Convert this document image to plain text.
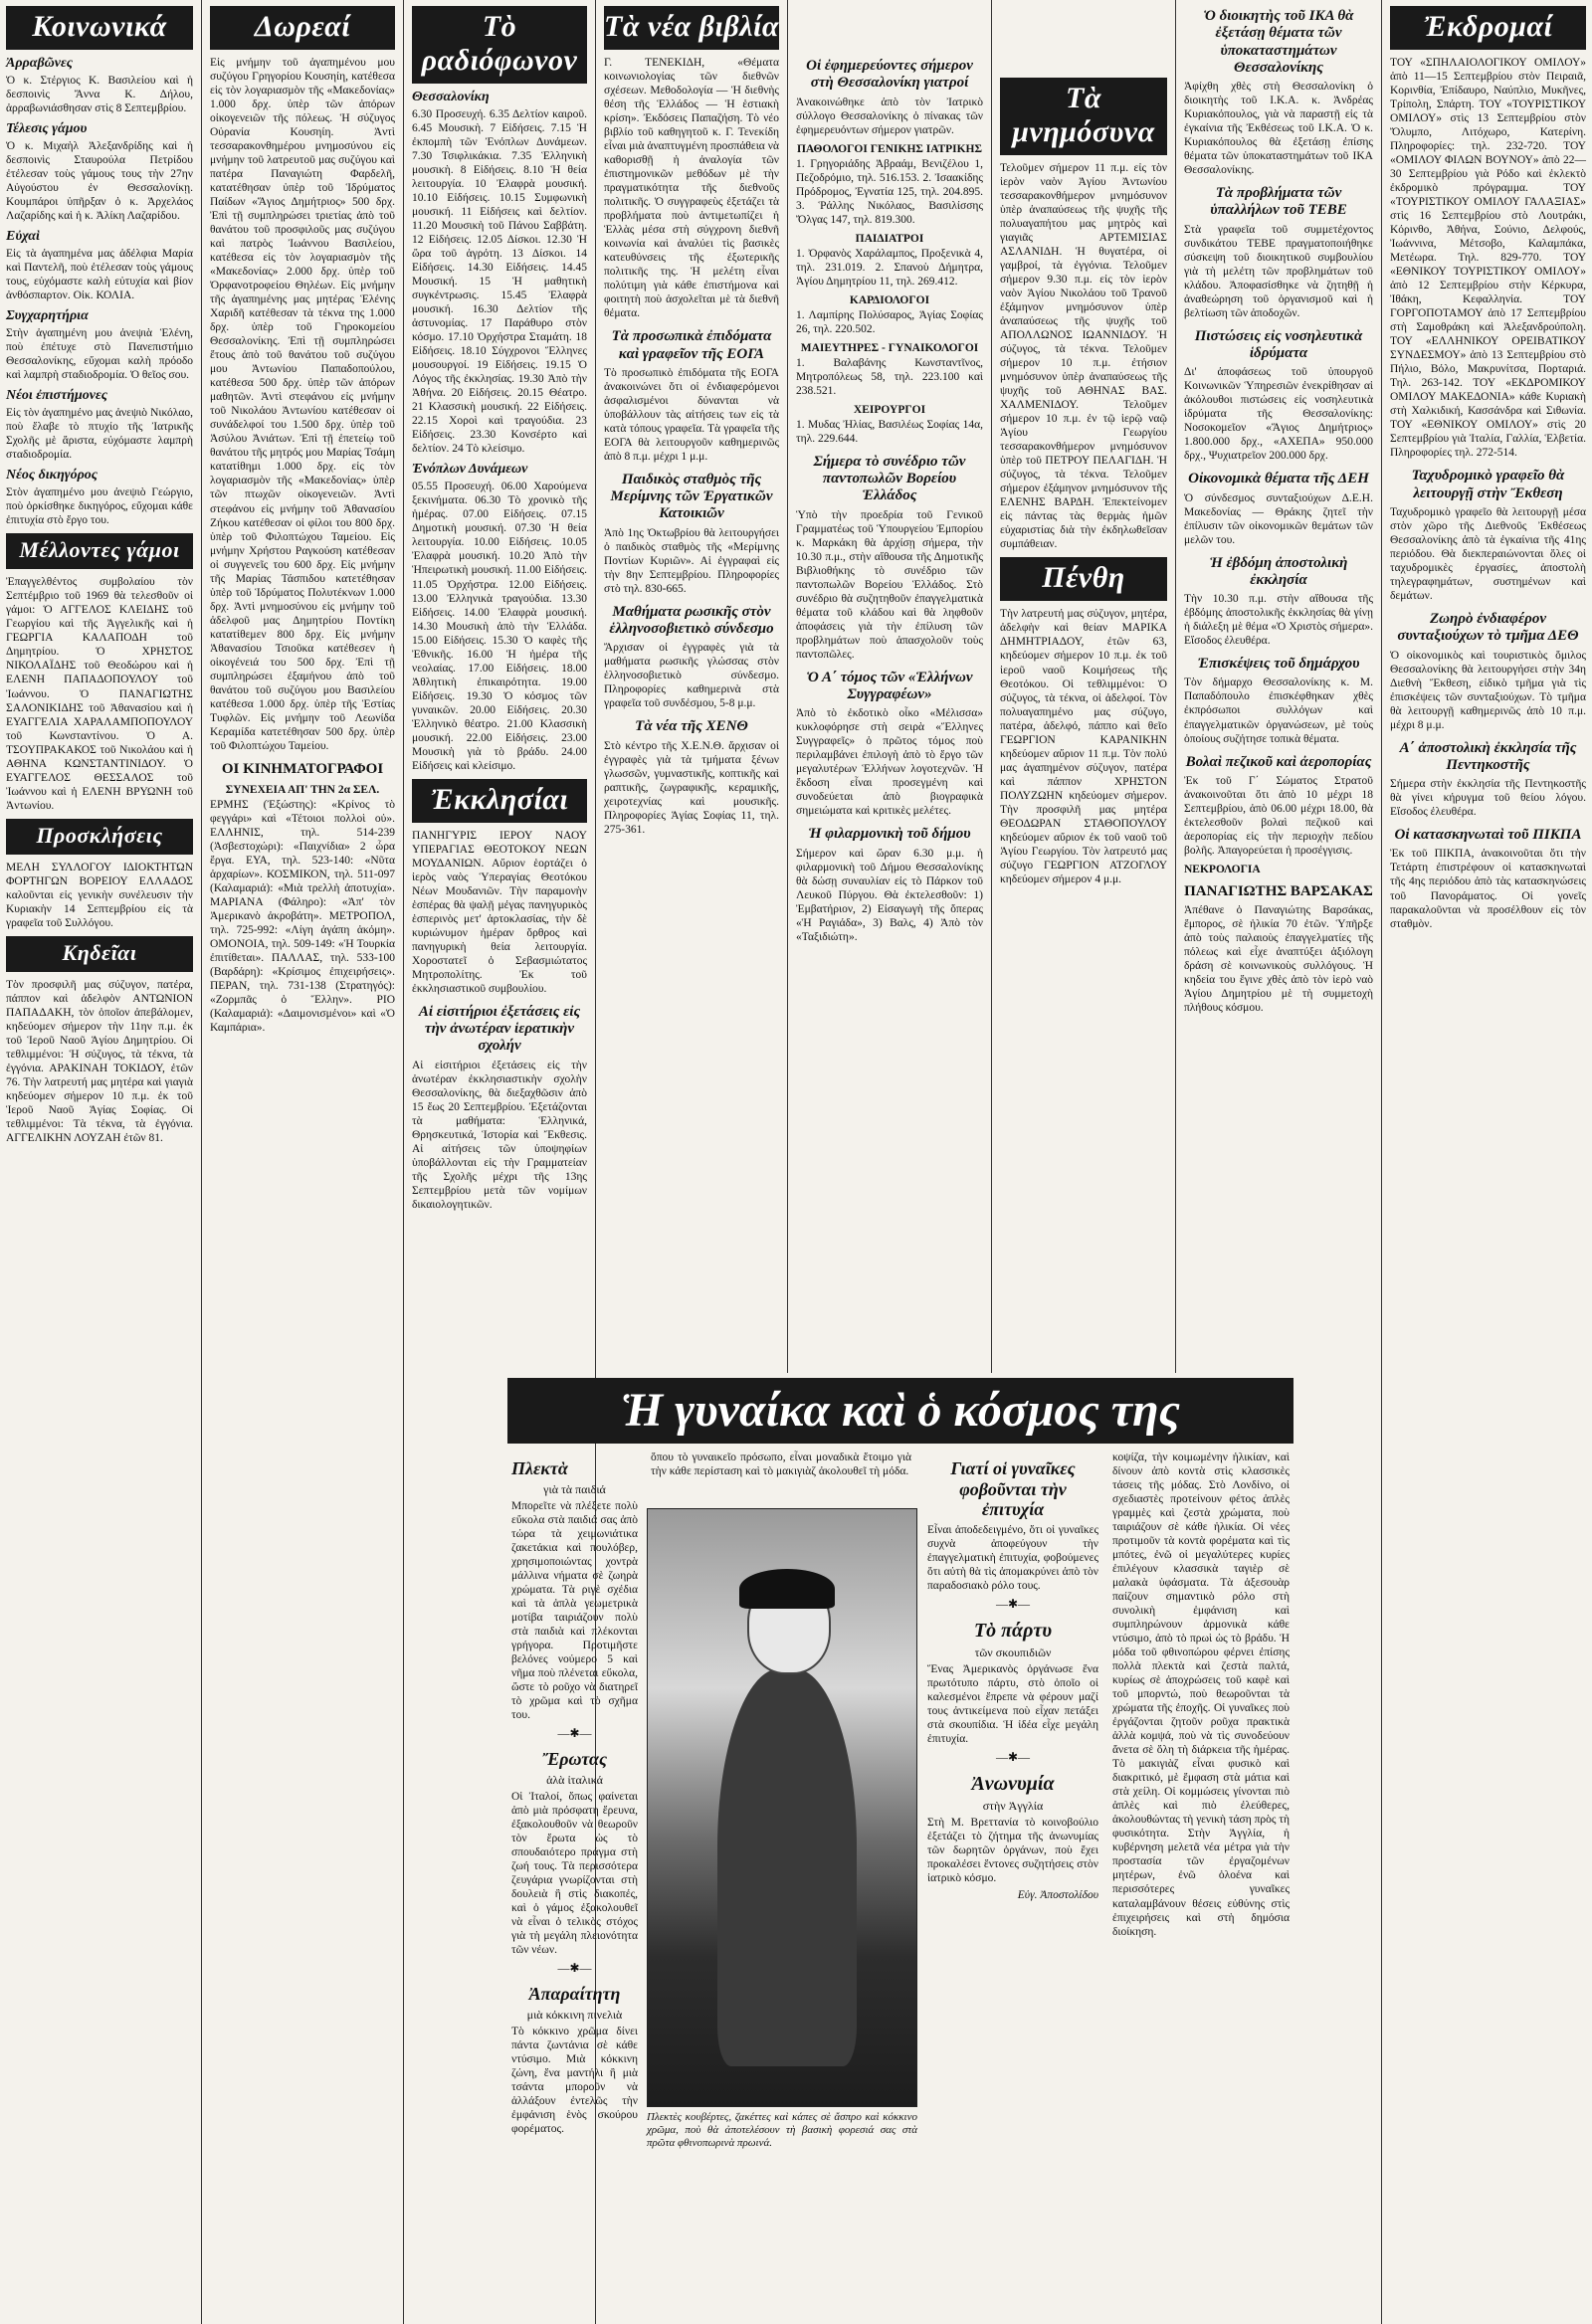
Κοινωνικά
Ἀρραβῶνες

Ὁ κ. Στέργιος Κ. Βασιλείου καὶ ἡ δεσποινὶς Ἄννα Κ. Δήλου, ἀρραβωνιάσθησαν στὶς 8 Σεπτεμβρίου.

Τέλεσις γάμου

Ὁ κ. Μιχαὴλ Ἀλεξανδρίδης καὶ ἡ δεσποινὶς Σταυρούλα Πετρίδου ἐτέλεσαν τοὺς γάμους τους τὴν 27ην Αὐγούστου ἐν Θεσσαλονίκῃ. Κουμπάροι ὑπῆρξαν ὁ κ. Ἀρχελάος Λαζαρίδης καὶ ἡ κ. Ἀλίκη Λαζαρίδου.

Εὐχαὶ

Εἰς τὰ ἀγαπημένα μας ἀδέλφια Μαρία καὶ Παντελῆ, ποὺ ἐτέλεσαν τοὺς γάμους τους, εὐχόμαστε καλὴ εὐτυχία καὶ βίον ἀνθόσπαρτον. Οἰκ. ΚΟΛΙΑ.

Συγχαρητήρια

Στὴν ἀγαπημένη μου ἀνεψιὰ Ἑλένη, ποὺ ἐπέτυχε στὸ Πανεπιστήμιο Θεσσαλονίκης, εὔχομαι καλὴ πρόοδο καὶ λαμπρὴ σταδιοδρομία. Ὁ θεῖος σου.

Νέοι ἐπιστήμονες

Εἰς τὸν ἀγαπημένο μας ἀνεψιὸ Νικόλαο, ποὺ ἔλαβε τὸ πτυχίο τῆς Ἰατρικῆς Σχολῆς μὲ ἄριστα, εὐχόμαστε λαμπρὴ σταδιοδρομία.

Νέος δικηγόρος

Στὸν ἀγαπημένο μου ἀνεψιὸ Γεώργιο, ποὺ ὁρκίσθηκε δικηγόρος, εὔχομαι κάθε ἐπιτυχία στὸ ἔργο του.

Μέλλοντες γάμοι

Ἐπαγγελθέντος συμβολαίου τὸν Σεπτέμβριο τοῦ 1969 θὰ τελεσθοῦν οἱ γάμοι: Ὁ ΑΓΓΕΛΟΣ ΚΛΕΙΔΗΣ τοῦ Γεωργίου καὶ τῆς Ἀγγελικῆς καὶ ἡ ΓΕΩΡΓΙΑ ΚΑΛΑΠΟΔΗ τοῦ Δημητρίου. Ὁ ΧΡΗΣΤΟΣ ΝΙΚΟΛΑΪΔΗΣ τοῦ Θεοδώρου καὶ ἡ ΕΛΕΝΗ ΠΑΠΑΔΟΠΟΥΛΟΥ τοῦ Ἰωάννου. Ὁ ΠΑΝΑΓΙΩΤΗΣ ΣΑΛΟΝΙΚΙΔΗΣ τοῦ Ἀθανασίου καὶ ἡ ΕΥΑΓΓΕΛΙΑ ΧΑΡΑΛΑΜΠΟΠΟΥΛΟΥ τοῦ Κωνσταντίνου. Ὁ Α. ΤΣΟΥΠΡΑΚΑΚΟΣ τοῦ Νικολάου καὶ ἡ ΑΘΗΝΑ ΚΩΝΣΤΑΝΤΙΝΙΔΟΥ. Ὁ ΕΥΑΓΓΕΛΟΣ ΘΕΣΣΑΛΟΣ τοῦ Ἰωάννου καὶ ἡ ΕΛΕΝΗ ΒΡΥΩΝΗ τοῦ Ἀντωνίου.

Προσκλήσεις

ΜΕΛΗ ΣΥΛΛΟΓΟΥ ΙΔΙΟΚΤΗΤΩΝ ΦΟΡΤΗΓΩΝ ΒΟΡΕΙΟΥ ΕΛΛΑΔΟΣ καλοῦνται εἰς γενικὴν συνέλευσιν τὴν Κυριακὴν 14 Σεπτεμβρίου εἰς τὰ γραφεῖα τοῦ Συλλόγου.

Κηδεῖαι

Τὸν προσφιλῆ μας σύζυγον, πατέρα, πάππον καὶ ἀδελφὸν ΑΝΤΩΝΙΟΝ ΠΑΠΑΔΑΚΗ, τὸν ὁποῖον ἀπεβάλομεν, κηδεύομεν σήμερον τὴν 11ην π.μ. ἐκ τοῦ Ἱεροῦ Ναοῦ Ἁγίου Δημητρίου. Οἱ τεθλιμμένοι: Ἡ σύζυγος, τὰ τέκνα, τὰ ἐγγόνια. ΑΡΑΚΙΝΑΗ ΤΟΚΙΔΟΥ, ἐτῶν 76. Τὴν λατρευτή μας μητέρα καὶ γιαγιὰ κηδεύομεν σήμερον 10 π.μ. ἐκ τοῦ Ἱεροῦ Ναοῦ Ἁγίας Σοφίας. Οἱ τεθλιμμένοι: Τὰ τέκνα, τὰ ἐγγόνια. ΑΓΓΕΛΙΚΗΝ ΛΟΥΖΑΗ ἐτῶν 81.

Δωρεαί

Εἰς μνήμην τοῦ ἀγαπημένου μου συζύγου Γρηγορίου Κουσηίη, κατέθεσα εἰς τὸν λογαριασμὸν τῆς «Μακεδονίας» 1.000 δρχ. ὑπὲρ τῶν ἀπόρων οἰκογενειῶν τῆς πόλεως. Ἡ σύζυγος Οὐρανία Κουσηίη. Ἀντὶ τεσσαρακονθημέρου μνημοσύνου εἰς μνήμην τοῦ λατρευτοῦ μας συζύγου καὶ πατέρα Παναγιώτη Φαρδελῆ, κατατέθησαν ὑπὲρ τοῦ Ἱδρύματος Παίδων «Ἅγιος Δημήτριος» 500 δρχ. Ἐπὶ τῇ συμπληρώσει τριετίας ἀπὸ τοῦ θανάτου τοῦ προσφιλοῦς μας συζύγου καὶ πατρὸς Ἰωάννου Βασιλείου, κατέθεσα εἰς τὸν λογαριασμὸν τῆς «Μακεδονίας» 2.000 δρχ. ὑπὲρ τοῦ Ὀρφανοτροφείου Θηλέων. Εἰς μνήμην τῆς ἀγαπημένης μας μητέρας Ἑλένης Χαριδῆ κατέθεσαν τὰ τέκνα της 1.000 δρχ. ὑπὲρ τοῦ Γηροκομείου Θεσσαλονίκης. Ἐπὶ τῇ συμπληρώσει ἔτους ἀπὸ τοῦ θανάτου τοῦ συζύγου μου Ἀντωνίου Παπαδοπούλου, κατέθεσα 500 δρχ. ὑπὲρ τῶν ἀπόρων μαθητῶν. Ἀντὶ στεφάνου εἰς μνήμην τοῦ Νικολάου Ἀντωνίου κατέθεσαν οἱ συνάδελφοί του 1.500 δρχ. ὑπὲρ τοῦ Ἀσύλου Ἀνιάτων. Ἐπὶ τῇ ἐπετείῳ τοῦ θανάτου τῆς μητρός μου Μαρίας Τσάμη κατατίθημι 1.000 δρχ. εἰς τὸν λογαριασμὸν τῆς «Μακεδονίας» ὑπὲρ τῶν πτωχῶν οἰκογενειῶν. Ἀντὶ στεφάνου εἰς μνήμην τοῦ Ἀθανασίου Ζήκου κατέθεσαν οἱ φίλοι του 800 δρχ. ὑπὲρ τοῦ Φιλοπτώχου Ταμείου. Εἰς μνήμην Χρήστου Ραγκούση κατέθεσαν οἱ συγγενεῖς του 600 δρχ. Εἰς μνήμην τῆς Μαρίας Τάσπιδου κατετέθησαν ὑπὲρ τοῦ Ἱδρύματος Πολυτέκνων 1.000 δρχ. Ἀντὶ μνημοσύνου εἰς μνήμην τοῦ ἀδελφοῦ μας Δημητρίου Ποντίκη κατατίθεμεν 800 δρχ. Εἰς μνήμην Ἀθανασίου Τσιοῦκα κατέθεσεν ἡ οἰκογένειά του 500 δρχ. Ἐπὶ τῇ συμπληρώσει ἐξαμήνου ἀπὸ τοῦ θανάτου τοῦ συζύγου μου Βασιλείου κατέθεσα 1.000 δρχ. ὑπὲρ τῆς Ἑστίας Τυφλῶν. Εἰς μνήμην τοῦ Λεωνίδα Κεραμίδα κατετέθησαν 500 δρχ. ὑπὲρ τοῦ Φιλοπτώχου Ταμείου.

ΟΙ ΚΙΝΗΜΑΤΟΓΡΑΦΟΙ
ΣΥΝΕΧΕΙΑ ΑΠ' ΤΗΝ 2α ΣΕΛ.

ΕΡΜΗΣ (Ἐξώστης): «Κρίνος τὸ φεγγάρι» καὶ «Τέτοιοι πολλοὶ οὐ». ΕΛΛΗΝΙΣ, τηλ. 514-239 (Ἀσβεστοχώρι): «Παιχνίδια» 2 ὧρα ἔργα. ΕΥΑ, τηλ. 523-140: «Νῦτα ἀρχαρίων». ΚΟΣΜΙΚΟΝ, τηλ. 511-097 (Καλαμαριά): «Μιὰ τρελλὴ ἀποτυχία». ΜΑΡΙΑΝΑ (Φάληρο): «Ἀπ' τὸν Ἀμερικανὸ ἀκροβάτη». ΜΕΤΡΟΠΟΛ, τηλ. 725-992: «Λίγη ἀγάπη ἀκόμη». ΟΜΟΝΟΙΑ, τηλ. 509-149: «Ἡ Τουρκία ἐπιτίθεται». ΠΑΛΛΑΣ, τηλ. 533-100 (Βαρδάρη): «Κρίσιμος ἐπιχειρήσεις». ΠΕΡΑΝ, τηλ. 731-138 (Στρατηγός): «Ζορμπᾶς ὁ Ἕλλην». ΡΙΟ (Καλαμαριά): «Δαιμονισμένοι» καὶ «Ὁ Καμπάρια».

Τὸ ραδιόφωνον
Θεσσαλονίκη

6.30 Προσευχή. 6.35 Δελτίον καιροῦ. 6.45 Μουσικὴ. 7 Εἰδήσεις. 7.15 Ἡ ἐκπομπὴ τῶν Ἐνόπλων Δυνάμεων. 7.30 Τσιφλικάκια. 7.35 Ἑλληνικὴ μουσικὴ. 8 Εἰδήσεις. 8.10 Ἡ θεία λειτουργία. 10 Ἐλαφρὰ μουσική. 10.10 Εἰδήσεις. 10.15 Συμφωνικὴ μουσική. 11 Εἰδήσεις καὶ δελτίον. 11.20 Μουσικὴ τοῦ Πάνου Σαββάτη. 12 Εἰδήσεις. 12.05 Δίσκοι. 12.30 Ἡ ὥρα τοῦ ἀγρότη. 13 Δίσκοι. 14 Εἰδήσεις. 14.30 Εἰδήσεις. 14.45 Μουσική. 15 Ἡ μαθητικὴ συγκέντρωσις. 15.45 Ἐλαφρὰ μουσική. 16.30 Δελτίον τῆς ἀστυνομίας. 17 Παράθυρο στὸν κόσμο. 17.10 Ὀρχήστρα Σταμάτη. 18 Εἰδήσεις. 18.10 Σύγχρονοι Ἕλληνες μουσουργοί. 19 Εἰδήσεις. 19.15 Ὁ Λόγος τῆς ἐκκλησίας. 19.30 Ἀπὸ τὴν Ἀθήνα. 20 Εἰδήσεις. 20.15 Θέατρο. 21 Κλασσικὴ μουσική. 22 Εἰδήσεις. 22.15 Χοροὶ καὶ τραγούδια. 23 Εἰδήσεις. 23.30 Κονσέρτο καὶ δελτίον. 24 Τὸ κλείσιμο.

Ἐνόπλων Δυνάμεων

05.55 Προσευχή. 06.00 Χαρούμενα ξεκινήματα. 06.30 Τὸ χρονικὸ τῆς ἡμέρας. 07.00 Εἰδήσεις. 07.15 Δημοτικὴ μουσική. 07.30 Ἡ θεία λειτουργία. 10.00 Εἰδήσεις. 10.05 Ἐλαφρὰ μουσική. 10.20 Ἀπὸ τὴν Ἡπειρωτικὴ μουσική. 11.00 Εἰδήσεις. 11.05 Ὀρχήστρα. 12.00 Εἰδήσεις. 13.00 Ἐλληνικὰ τραγούδια. 13.30 Εἰδήσεις. 14.00 Ἐλαφρὰ μουσική. 14.30 Μουσικὴ ἀπὸ τὴν Ἑλλάδα. 15.00 Εἰδήσεις. 15.30 Ὁ καφὲς τῆς Ἐθνικῆς. 16.00 Ἡ ἡμέρα τῆς νεολαίας. 17.00 Εἰδήσεις. 18.00 Ἀθλητικὴ ἐπικαιρότητα. 19.00 Εἰδήσεις. 19.30 Ὁ κόσμος τῶν γυναικῶν. 20.00 Εἰδήσεις. 20.30 Ἑλληνικὸ θέατρο. 21.00 Κλασσικὴ μουσική. 22.00 Εἰδήσεις. 23.00 Μουσικὴ γιὰ τὸ βράδυ. 24.00 Εἰδήσεις καὶ κλείσιμο.

Ἐκκλησίαι

ΠΑΝΗΓΥΡΙΣ ΙΕΡΟΥ ΝΑΟΥ ΥΠΕΡΑΓΙΑΣ ΘΕΟΤΟΚΟΥ ΝΕΩΝ ΜΟΥΔΑΝΙΩΝ. Αὔριον ἑορτάζει ὁ ἱερὸς ναὸς Ὑπεραγίας Θεοτόκου Νέων Μουδανιῶν. Τὴν παραμονὴν ἑσπέρας θὰ ψαλῇ μέγας πανηγυρικὸς ἑσπερινὸς μετ' ἀρτοκλασίας, τὴν δὲ κυριώνυμον ἡμέραν ὄρθρος καὶ πανηγυρικὴ θεία λειτουργία. Χοροστατεῖ ὁ Σεβασμιώτατος Μητροπολίτης. Ἐκ τοῦ ἐκκλησιαστικοῦ συμβουλίου.

Αἱ εἰσιτήριοι ἐξετάσεις εἰς τὴν ἀνωτέραν ἱερατικὴν σχολήν

Αἱ εἰσιτήριοι ἐξετάσεις εἰς τὴν ἀνωτέραν ἐκκλησιαστικὴν σχολὴν Θεσσαλονίκης, θὰ διεξαχθῶσιν ἀπὸ 15 ἕως 20 Σεπτεμβρίου. Ἐξετάζονται τὰ μαθήματα: Ἑλληνικά, Θρησκευτικά, Ἱστορία καὶ Ἔκθεσις. Αἱ αἰτήσεις τῶν ὑποψηφίων ὑποβάλλονται εἰς τὴν Γραμματείαν τῆς Σχολῆς μέχρι τῆς 13ης Σεπτεμβρίου μετὰ τῶν νομίμων δικαιολογητικῶν.

Τὰ νέα βιβλία

Γ. ΤΕΝΕΚΙΔΗ, «Θέματα κοινωνιολογίας τῶν διεθνῶν σχέσεων. Μεθοδολογία — Ἡ διεθνὴς θέση τῆς Ἑλλάδος — Ἡ ἑστιακὴ κρίση». Ἐκδόσεις Παπαζήση. Τὸ νέο βιβλίο τοῦ καθηγητοῦ κ. Γ. Τενεκίδη εἶναι μιὰ ἀναπτυγμένη προσπάθεια νὰ καθορισθῇ ἡ ἀναλογία τῶν ἐπιστημονικῶν μεθόδων μὲ τὴν πραγματικότητα τῆς διεθνοῦς πολιτικῆς. Ὁ συγγραφεὺς ἐξετάζει τὰ προβλήματα ποὺ ἀντιμετωπίζει ἡ Ἑλλὰς μέσα στὴ σύγχρονη διεθνῆ κοινωνία καὶ ἀναλύει τὶς βασικὲς κατευθύνσεις τῆς ἐξωτερικῆς πολιτικῆς της. Ἡ μελέτη εἶναι πολύτιμη γιὰ κάθε ἐπιστήμονα καὶ φοιτητὴ ποὺ ἀσχολεῖται μὲ τὰ διεθνῆ θέματα.

Τὰ προσωπικὰ ἐπιδόματα καὶ γραφεῖον τῆς ΕΟΓΑ

Τὸ προσωπικὸ ἐπιδόματα τῆς ΕΟΓΑ ἀνακοινώνει ὅτι οἱ ἐνδιαφερόμενοι ἀσφαλισμένοι δύνανται νὰ ὑποβάλλουν τὰς αἰτήσεις των εἰς τὰ κατὰ τόπους γραφεῖα. Τὰ γραφεῖα τῆς ΕΟΓΑ θὰ λειτουργοῦν καθημερινῶς ἀπὸ 8 π.μ. μέχρι 1 μ.μ.

Παιδικὸς σταθμὸς τῆς Μερίμνης τῶν Ἐργατικῶν Κατοικιῶν

Ἀπὸ 1ης Ὀκτωβρίου θὰ λειτουργήσει ὁ παιδικὸς σταθμὸς τῆς «Μερίμνης Ποντίων Κυριῶν». Αἱ ἐγγραφαὶ εἰς τὴν 8ην Σεπτεμβρίου. Πληροφορίες στὸ τηλ. 830-665.

Μαθήματα ρωσικῆς στὸν ἑλληνοσοβιετικὸ σύνδεσμο

Ἄρχισαν οἱ ἐγγραφὲς γιὰ τὰ μαθήματα ρωσικῆς γλώσσας στὸν ἑλληνοσοβιετικὸ σύνδεσμο. Πληροφορίες καθημερινὰ στὰ γραφεῖα τοῦ συνδέσμου, 5-8 μ.μ.

Τὰ νέα τῆς ΧΕΝΘ

Στὸ κέντρο τῆς Χ.Ε.Ν.Θ. ἄρχισαν οἱ ἐγγραφὲς γιὰ τὰ τμήματα ξένων γλωσσῶν, γυμναστικῆς, κοπτικῆς καὶ ραπτικῆς, ζωγραφικῆς, κεραμικῆς, χειροτεχνίας καὶ μουσικῆς. Πληροφορίες Ἁγίας Σοφίας 11, τηλ. 275-361.

Οἱ ἐφημερεύοντες σήμερον στὴ Θεσσαλονίκη γιατροί

Ἀνακοινώθηκε ἀπὸ τὸν Ἰατρικὸ σύλλογο Θεσσαλονίκης ὁ πίνακας τῶν ἐφημερευόντων σήμερον γιατρῶν.

ΠΑΘΟΛΟΓΟΙ ΓΕΝΙΚΗΣ ΙΑΤΡΙΚΗΣ

1. Γρηγοριάδης Ἀβραάμ, Βενιζέλου 1, Πεζοδρόμιο, τηλ. 516.153. 2. Ἰσαακίδης Πρόδρομος, Ἐγνατία 125, τηλ. 204.895. 3. Ῥάλλης Νικόλαος, Βασιλίσσης Ὄλγας 147, τηλ. 819.300.

ΠΑΙΔΙΑΤΡΟΙ

1. Ὀρφανὸς Χαράλαμπος, Προξενικὰ 4, τηλ. 231.019. 2. Σπανοὺ Δήμητρα, Ἁγίου Δημητρίου 11, τηλ. 269.412.

ΚΑΡΔΙΟΛΟΓΟΙ

1. Λαμπίρης Πολύσαρος, Ἁγίας Σοφίας 26, τηλ. 220.502.

ΜΑΙΕΥΤΗΡΕΣ - ΓΥΝΑΙΚΟΛΟΓΟΙ

1. Βαλαβάνης Κωνσταντῖνος, Μητροπόλεως 58, τηλ. 223.100 καὶ 238.521.

ΧΕΙΡΟΥΡΓΟΙ

1. Μυδας Ἠλίας, Βασιλέως Σοφίας 14α, τηλ. 229.644.

Σήμερα τὸ συνέδριο τῶν παντοπωλῶν Βορείου Ἑλλάδος

Ὑπὸ τὴν προεδρία τοῦ Γενικοῦ Γραμματέως τοῦ Ὑπουργείου Ἐμπορίου κ. Μαρκάκη θὰ ἀρχίσῃ σήμερα, τὴν 10.30 π.μ., στὴν αἴθουσα τῆς Δημοτικῆς Βιβλιοθήκης τὸ συνέδριο τῶν παντοπωλῶν Βορείου Ἑλλάδος. Στὸ συνέδριο θὰ συζητηθοῦν ἐπαγγελματικὰ θέματα τοῦ κλάδου καὶ θὰ ληφθοῦν ἀποφάσεις γιὰ τὴν ἐπίλυση τῶν προβλημάτων ποὺ ἀπασχολοῦν τοὺς παντοπῶλες.

Ὁ Α΄ τόμος τῶν «Ἑλλήνων Συγγραφέων»

Ἀπὸ τὸ ἐκδοτικὸ οἶκο «Μέλισσα» κυκλοφόρησε στὴ σειρὰ «Ἕλληνες Συγγραφεῖς» ὁ πρῶτος τόμος ποὺ περιλαμβάνει ἐπιλογὴ ἀπὸ τὸ ἔργο τῶν μεγαλυτέρων Ἑλλήνων λογοτεχνῶν. Ἡ ἔκδοση εἶναι προσεγμένη καὶ συνοδεύεται ἀπὸ βιογραφικὰ σημειώματα καὶ κριτικὲς μελέτες.

Ἡ φιλαρμονικὴ τοῦ δήμου

Σήμερον καὶ ὥραν 6.30 μ.μ. ἡ φιλαρμονικὴ τοῦ Δήμου Θεσσαλονίκης θὰ δώσῃ συναυλίαν εἰς τὸ Πάρκον τοῦ Λευκοῦ Πύργου. Θὰ ἐκτελεσθοῦν: 1) Ἐμβατήριον, 2) Εἰσαγωγὴ τῆς ὄπερας «Ἡ Ραγιάδα», 3) Βαλς, 4) Ἀπὸ τὸν «Ταξιδιώτη».

Τὰ μνημόσυνα

Τελοῦμεν σήμερον 11 π.μ. εἰς τὸν ἱερὸν ναὸν Ἀγίου Ἀντωνίου τεσσαρακονθήμερον μνημόσυνον ὑπὲρ ἀναπαύσεως τῆς ψυχῆς τῆς πολυαγαπήτου μας μητρὸς καὶ γιαγιᾶς ΑΡΤΕΜΙΣΙΑΣ ΑΣΛΑΝΙΔΗ. Ἡ θυγατέρα, οἱ γαμβροί, τὰ ἐγγόνια. Τελοῦμεν σήμερον 9.30 π.μ. εἰς τὸν ἱερὸν ναὸν Ἁγίου Νικολάου τοῦ Τρανοῦ ἐξάμηνον μνημόσυνον ὑπὲρ ἀναπαύσεως τῆς ψυχῆς τοῦ ΑΠΟΛΛΩΝΟΣ ΙΩΑΝΝΙΔΟΥ. Ἡ σύζυγος, τὰ τέκνα. Τελοῦμεν σήμερον 10 π.μ. ἐτήσιον μνημόσυνον ὑπὲρ ἀναπαύσεως τῆς ψυχῆς τοῦ ΑΘΗΝΑΣ ΒΑΣ. ΧΑΛΜΕΝΙΔΟΥ. Τελοῦμεν σήμερον 10 π.μ. ἐν τῷ ἱερῷ ναῷ Ἁγίου Γεωργίου τεσσαρακονθήμερον μνημόσυνον ὑπὲρ τοῦ ΠΕΤΡΟΥ ΠΕΛΑΓΙΔΗ. Ἡ σύζυγος, τὰ τέκνα. Τελοῦμεν σήμερον ἐξάμηνον μνημόσυνον τῆς ΕΛΕΝΗΣ ΒΑΡΔΗ. Ἐπεκτείνομεν εἰς πάντας τὰς θερμὰς ἡμῶν εὐχαριστίας διὰ τὴν ἐκδηλωθεῖσαν συμπάθειαν.

Πένθη

Τὴν λατρευτή μας σύζυγον, μητέρα, ἀδελφὴν καὶ θείαν ΜΑΡΙΚΑ ΔΗΜΗΤΡΙΑΔΟΥ, ἐτῶν 63, κηδεύομεν σήμερον 10 π.μ. ἐκ τοῦ ἱεροῦ ναοῦ Κοιμήσεως τῆς Θεοτόκου. Οἱ τεθλιμμένοι: Ὁ σύζυγος, τὰ τέκνα, οἱ ἀδελφοί. Τὸν πολυαγαπημένο μας σύζυγο, πατέρα, ἀδελφό, πάππο καὶ θεῖο ΓΕΩΡΓΙΟΝ ΚΑΡΑΝΙΚΗΝ κηδεύομεν αὔριον 11 π.μ. Τὸν πολύ μας ἀγαπημένον σύζυγον, πατέρα καὶ πάππον ΧΡΗΣΤΟΝ ΠΟΛΥΖΩΗΝ κηδεύομεν σήμερον. Τὴν προσφιλῆ μας μητέρα ΘΕΟΔΩΡΑΝ ΣΤΑΘΟΠΟΥΛΟΥ κηδεύομεν αὔριον ἐκ τοῦ ναοῦ τοῦ Ἁγίου Γεωργίου. Τὸν λατρευτό μας σύζυγο ΓΕΩΡΓΙΟΝ ΑΤΖΟΓΛΟΥ κηδεύομεν σήμερον 4 μ.μ.

Ὁ διοικητὴς τοῦ ΙΚΑ θὰ ἐξετάσῃ θέματα τῶν ὑποκαταστημάτων Θεσσαλονίκης

Ἀφίχθη χθὲς στὴ Θεσσαλονίκη ὁ διοικητὴς τοῦ Ι.Κ.Α. κ. Ἀνδρέας Κυριακόπουλος, γιὰ νὰ παραστῇ εἰς τὰ ἐγκαίνια τῆς Ἐκθέσεως τοῦ Ι.Κ.Α. Ὁ κ. Κυριακόπουλος θὰ ἐξετάσῃ ἐπίσης θέματα τῶν ὑποκαταστημάτων τοῦ ΙΚΑ Θεσσαλονίκης.

Τὰ προβλήματα τῶν ὑπαλλήλων τοῦ ΤΕΒΕ

Στὰ γραφεῖα τοῦ συμμετέχοντος συνδικάτου ΤΕΒΕ πραγματοποιήθηκε σύσκεψη τοῦ διοικητικοῦ συμβουλίου γιὰ τὴ μελέτη τῶν προβλημάτων τοῦ κλάδου. Ἀποφασίσθηκε νὰ ζητηθῇ ἡ ἀναθεώρηση τοῦ ὀργανισμοῦ καὶ ἡ βελτίωση τῶν ἀποδοχῶν.

Πιστώσεις εἰς νοσηλευτικὰ ἱδρύματα

Δι' ἀποφάσεως τοῦ ὑπουργοῦ Κοινωνικῶν Ὑπηρεσιῶν ἐνεκρίθησαν αἱ ἀκόλουθοι πιστώσεις εἰς νοσηλευτικὰ ἱδρύματα τῆς Θεσσαλονίκης: Νοσοκομεῖον «Ἅγιος Δημήτριος» 1.800.000 δρχ., «ΑΧΕΠΑ» 950.000 δρχ., Ψυχιατρεῖον 200.000 δρχ.

Οἰκονομικὰ θέματα τῆς ΔΕΗ

Ὁ σύνδεσμος συνταξιούχων Δ.Ε.Η. Μακεδονίας — Θράκης ζητεῖ τὴν ἐπίλυσιν τῶν οἰκονομικῶν θεμάτων τῶν μελῶν του.

Ἡ ἐβδόμη ἀποστολικὴ ἐκκλησία

Τὴν 10.30 π.μ. στὴν αἴθουσα τῆς ἐβδόμης ἀποστολικῆς ἐκκλησίας θὰ γίνῃ ἡ διάλεξη μὲ θέμα «Ὁ Χριστὸς σήμερα». Εἴσοδος ἐλευθέρα.

Ἐπισκέψεις τοῦ δημάρχου

Τὸν δήμαρχο Θεσσαλονίκης κ. Μ. Παπαδόπουλο ἐπισκέφθηκαν χθὲς ἐκπρόσωποι συλλόγων καὶ ἐπαγγελματικῶν ὀργανώσεων, μὲ τοὺς ὁποίους συζήτησε τοπικὰ θέματα.

Βολαὶ πεζικοῦ καὶ ἀεροπορίας

Ἐκ τοῦ Γ΄ Σώματος Στρατοῦ ἀνακοινοῦται ὅτι ἀπὸ 10 μέχρι 18 Σεπτεμβρίου, ἀπὸ 06.00 μέχρι 18.00, θὰ ἐκτελεσθοῦν βολαὶ πεζικοῦ καὶ ἀεροπορίας εἰς τὴν περιοχὴν πεδίου βολῆς. Ἀπαγορεύεται ἡ προσέγγισις.

ΝΕΚΡΟΛΟΓΙΑ
ΠΑΝΑΓΙΩΤΗΣ ΒΑΡΣΑΚΑΣ

Ἀπέθανε ὁ Παναγιώτης Βαρσάκας, ἔμπορος, σὲ ἡλικία 70 ἐτῶν. Ὑπῆρξε ἀπὸ τοὺς παλαιοὺς ἐπαγγελματίες τῆς πόλεως καὶ εἶχε ἀναπτύξει ἀξιόλογη δράση σὲ κοινωνικοὺς συλλόγους. Ἡ κηδεία του ἔγινε χθὲς ἀπὸ τὸν ἱερὸ ναὸ Ἁγίου Δημητρίου μὲ τὴ συμμετοχὴ πλήθους κόσμου.

Ἐκδρομαί

ΤΟΥ «ΣΠΗΛΑΙΟΛΟΓΙΚΟΥ ΟΜΙΛΟΥ» ἀπὸ 11—15 Σεπτεμβρίου στὸν Πειραιᾶ, Κορινθία, Ἐπίδαυρο, Ναύπλιο, Μυκῆνες, Τρίπολη, Σπάρτη. ΤΟΥ «ΤΟΥΡΙΣΤΙΚΟΥ ΟΜΙΛΟΥ» στὶς 13 Σεπτεμβρίου στὸν Ὄλυμπο, Λιτόχωρο, Κατερίνη. Πληροφορίες: τηλ. 232-720. ΤΟΥ «ΟΜΙΛΟΥ ΦΙΛΩΝ ΒΟΥΝΟΥ» ἀπὸ 22—30 Σεπτεμβρίου γιὰ Ρόδο καὶ ἐκλεκτὸ ἐκδρομικὸ πρόγραμμα. ΤΟΥ «ΤΟΥΡΙΣΤΙΚΟΥ ΟΜΙΛΟΥ ΓΑΛΑΞΙΑΣ» στὶς 16 Σεπτεμβρίου στὸ Λουτράκι, Κόρινθο, Ἀθήνα, Σούνιο, Δελφούς, Ἰωάννινα, Μέτσοβο, Καλαμπάκα, Μετέωρα. Τηλ. 829-770. ΤΟΥ «ΕΘΝΙΚΟΥ ΤΟΥΡΙΣΤΙΚΟΥ ΟΜΙΛΟΥ» ἀπὸ 12 Σεπτεμβρίου στὴν Κέρκυρα, Ἰθάκη, Κεφαλληνία. ΤΟΥ ΓΟΡΓΟΠΟΤΑΜΟΥ ἀπὸ 17 Σεπτεμβρίου στὴ Σαμοθράκη καὶ Ἀλεξανδρούπολη. ΤΟΥ «ΕΛΛΗΝΙΚΟΥ ΟΡΕΙΒΑΤΙΚΟΥ ΣΥΝΔΕΣΜΟΥ» ἀπὸ 13 Σεπτεμβρίου στὸ Πήλιο, Βόλο, Μακρυνίτσα, Πορταριά. Τηλ. 263-142. ΤΟΥ «ΕΚΔΡΟΜΙΚΟΥ ΟΜΙΛΟΥ ΜΑΚΕΔΟΝΙΑ» κάθε Κυριακὴ στὴ Χαλκιδική, Κασσάνδρα καὶ Σιθωνία. ΤΟΥ «ΕΘΝΙΚΟΥ ΟΜΙΛΟΥ» στὶς 20 Σεπτεμβρίου γιὰ Ἰταλία, Γαλλία, Ἑλβετία. Πληροφορίες τηλ. 272-514.

Ταχυδρομικὸ γραφεῖο θὰ λειτουργῇ στὴν Ἔκθεση

Ταχυδρομικὸ γραφεῖο θὰ λειτουργῇ μέσα στὸν χῶρο τῆς Διεθνοῦς Ἐκθέσεως Θεσσαλονίκης ἀπὸ τὰ ἐγκαίνια τῆς 41ης περιόδου. Θὰ διεκπεραιώνονται ὅλες οἱ ταχυδρομικὲς ἐργασίες, ἀποστολὴ τηλεγραφημάτων, συστημένων καὶ δεμάτων.

Ζωηρὸ ἐνδιαφέρον συνταξιούχων τὸ τμῆμα ΔΕΘ

Ὁ οἰκονομικὸς καὶ τουριστικὸς ὅμιλος Θεσσαλονίκης θὰ λειτουργήσει στὴν 34η Διεθνὴ Ἔκθεση, εἰδικὸ τμῆμα γιὰ τὶς ἐπισκέψεις τῶν συνταξιούχων. Τὸ τμῆμα θὰ λειτουργῇ καθημερινῶς ἀπὸ 10 π.μ. μέχρι 8 μ.μ.

Α΄ ἀποστολικὴ ἐκκλησία τῆς Πεντηκοστῆς

Σήμερα στὴν ἐκκλησία τῆς Πεντηκοστῆς θὰ γίνει κήρυγμα τοῦ θείου λόγου. Εἴσοδος ἐλευθέρα.

Οἱ κατασκηνωταὶ τοῦ ΠΙΚΠΑ

Ἐκ τοῦ ΠΙΚΠΑ, ἀνακοινοῦται ὅτι τὴν Τετάρτη ἐπιστρέφουν οἱ κατασκηνωταὶ τῆς 4ης περιόδου ἀπὸ τὰς κατασκηνώσεις τοῦ Πανοράματος. Οἱ γονεῖς παρακαλοῦνται νὰ προσέλθουν εἰς τὸν σταθμὸν.

Ἡ γυναίκα καὶ ὁ κόσμος της
Πλεκτὰ
γιὰ τὰ παιδιά

Μπορεῖτε νὰ πλέξετε πολὺ εὔκολα στὰ παιδιά σας ἀπὸ τώρα τὰ χειμωνιάτικα ζακετάκια καὶ πουλόβερ, χρησιμοποιώντας χοντρὰ μάλλινα νήματα σὲ ζωηρὰ χρώματα. Τὰ ριγὲ σχέδια καὶ τὰ ἁπλὰ γεωμετρικὰ μοτίβα ταιριάζουν πολὺ στὰ παιδιὰ καὶ πλέκονται γρήγορα. Προτιμῆστε βελόνες νούμερο 5 καὶ νῆμα ποὺ πλένεται εὔκολα, ὥστε τὸ ροῦχο νὰ διατηρεῖ τὸ χρῶμα καὶ τὸ σχῆμα του.

—✱—
Ἔρωτας
ἀλὰ ἰταλικά

Οἱ Ἰταλοί, ὅπως φαίνεται ἀπὸ μιὰ πρόσφατη ἔρευνα, ἐξακολουθοῦν νὰ θεωροῦν τὸν ἔρωτα ὡς τὸ σπουδαιότερο πράγμα στὴ ζωή τους. Τὰ περισσότερα ζευγάρια γνωρίζονται στὴ δουλειὰ ἢ στὶς διακοπές, καὶ ὁ γάμος ἐξακολουθεῖ νὰ εἶναι ὁ τελικὸς στόχος γιὰ τὴ μεγάλη πλειονότητα τῶν νέων.

—✱—
Ἀπαραίτητη
μιὰ κόκκινη πινελιὰ

Τὸ κόκκινο χρῶμα δίνει πάντα ζωντάνια σὲ κάθε ντύσιμο. Μιὰ κόκκινη ζώνη, ἕνα μαντήλι ἢ μιὰ τσάντα μποροῦν νὰ ἀλλάξουν ἐντελῶς τὴν ἐμφάνιση ἑνὸς σκούρου φορέματος.

ὅπου τὸ γυναικεῖο πρόσωπο, εἶναι μοναδικὰ ἔτοιμο γιὰ τὴν κάθε περίσταση καὶ τὸ μακιγιὰζ ἀκολουθεῖ τὴ μόδα.

Πλεκτὲς κουβέρτες, ζακέττες καὶ κάπες σὲ ἄσπρο καὶ κόκκινο χρῶμα, ποὺ θὰ ἀποτελέσουν τὴ βασικὴ φορεσιά σας στὰ πρῶτα φθινοπωρινὰ πρωινά.
Γιατί οἱ γυναῖκες φοβοῦνται τὴν ἐπιτυχία

Εἶναι ἀποδεδειγμένο, ὅτι οἱ γυναῖκες συχνὰ ἀποφεύγουν τὴν ἐπαγγελματικὴ ἐπιτυχία, φοβούμενες ὅτι αὐτὴ θὰ τὶς ἀπομακρύνει ἀπὸ τὸν παραδοσιακὸ ρόλο τους.

—✱—
Τὸ πάρτυ
τῶν σκουπιδιῶν

Ἕνας Ἀμερικανὸς ὀργάνωσε ἕνα πρωτότυπο πάρτυ, στὸ ὁποῖο οἱ καλεσμένοι ἔπρεπε νὰ φέρουν μαζί τους ἀντικείμενα ποὺ εἶχαν πετάξει στὰ σκουπίδια. Ἡ ἰδέα εἶχε μεγάλη ἐπιτυχία.

—✱—
Ἀνωνυμία
στὴν Ἀγγλία

Στὴ Μ. Βρεττανία τὸ κοινοβούλιο ἐξετάζει τὸ ζήτημα τῆς ἀνωνυμίας τῶν δωρητῶν ὀργάνων, ποὺ ἔχει προκαλέσει ἔντονες συζητήσεις στὸν ἰατρικὸ κόσμο.

Εὐγ. Ἀποστολίδου

κοψίζα, τὴν κοιμωμένην ἠλικίαν, καὶ δίνουν ἀπὸ κοντὰ στὶς κλασσικὲς τάσεις τῆς μόδας. Στὸ Λονδίνο, οἱ σχεδιαστὲς προτείνουν φέτος ἁπλὲς γραμμὲς καὶ ζεστὰ χρώματα, ποὺ ταιριάζουν σὲ κάθε ἡλικία. Οἱ νέες προτιμοῦν τὰ κοντὰ φορέματα καὶ τὶς μπότες, ἐνῶ οἱ μεγαλύτερες κυρίες ἐπιλέγουν κλασσικὰ ταγιὲρ σὲ μαλακὰ ὑφάσματα. Τὰ ἀξεσουὰρ παίζουν σημαντικὸ ρόλο στὴ συνολικὴ ἐμφάνιση καὶ συμπληρώνουν ἁρμονικὰ κάθε ντύσιμο, ἀπὸ τὸ πρωὶ ὡς τὸ βράδυ. Ἡ μόδα τοῦ φθινοπώρου φέρνει ἐπίσης πολλὰ πλεκτὰ καὶ ζεστὰ παλτά, κυρίως σὲ ἀποχρώσεις τοῦ καφὲ καὶ τοῦ μπορντώ, ποὺ θεωροῦνται τὰ χρώματα τῆς ἐποχῆς. Οἱ γυναῖκες ποὺ ἐργάζονται ζητοῦν ροῦχα πρακτικὰ ἀλλὰ κομψά, ποὺ νὰ τὶς συνοδεύουν ἄνετα σὲ ὅλη τὴ διάρκεια τῆς ἡμέρας. Τὸ μακιγιὰζ εἶναι φυσικὸ καὶ διακριτικό, μὲ ἔμφαση στὰ μάτια καὶ στὰ χείλη. Οἱ κομμώσεις γίνονται πιὸ ἁπλὲς καὶ πιὸ ἐλεύθερες, ἀκολουθώντας τὴ γενικὴ τάση πρὸς τὴ φυσικότητα. Στὴν Ἀγγλία, ἡ κυβέρνηση μελετᾶ νέα μέτρα γιὰ τὴν προστασία τῶν ἐργαζομένων μητέρων, ἐνῶ ὁλοένα καὶ περισσότερες γυναῖκες καταλαμβάνουν θέσεις εὐθύνης στὶς ἐπιχειρήσεις καὶ στὴ δημόσια διοίκηση.
